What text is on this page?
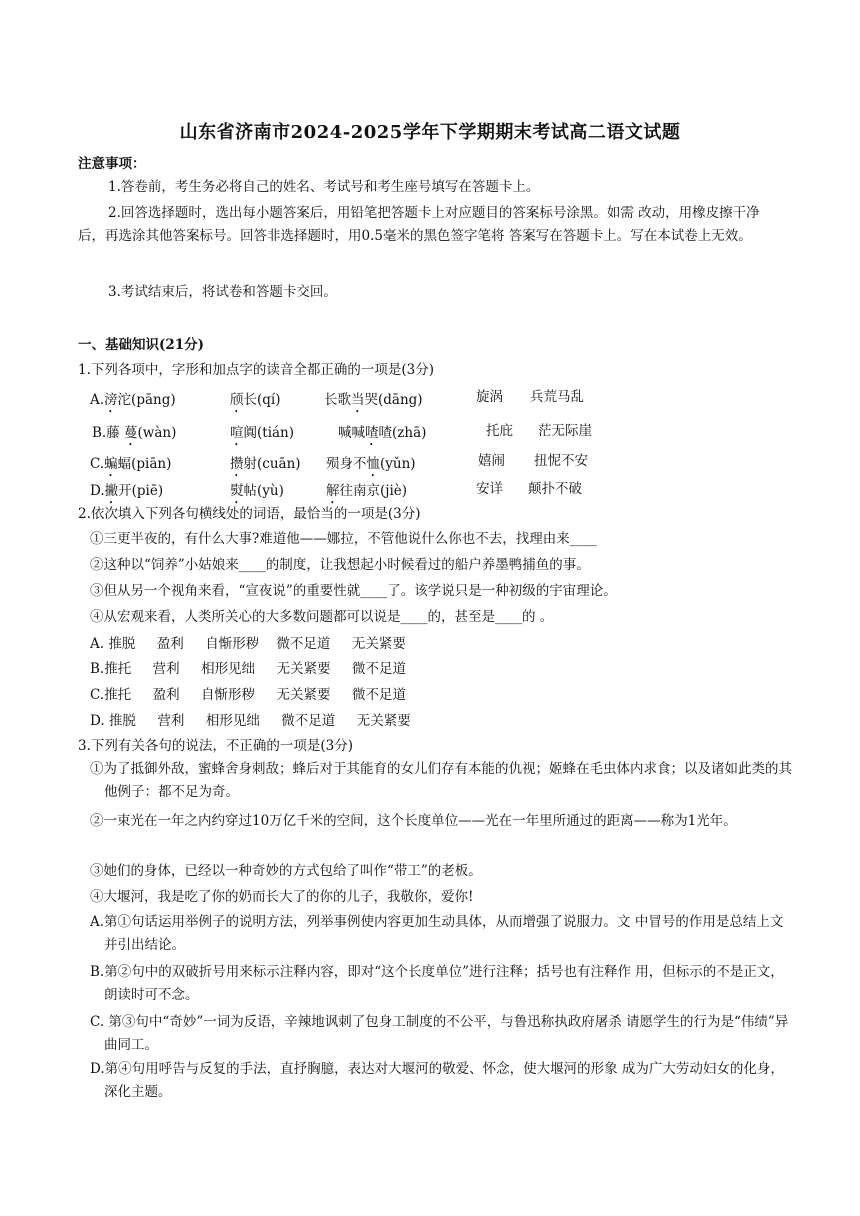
山东省济南市2024-2025学年下学期期末考试高二语文试题
注意事项：
1.答卷前，考生务必将自己的姓名、考试号和考生座号填写在答题卡上。
2.回答选择题时，选出每小题答案后，用铅笔把答题卡上对应题目的答案标号涂黑。如需 改动，用橡皮擦干净后，再选涂其他答案标号。回答非选择题时，用0.5毫米的黑色签字笔将 答案写在答题卡上。写在本试卷上无效。
3.考试结束后，将试卷和答题卡交回。
一、基础知识(21分)
1.下列各项中，字形和加点字的读音全都正确的一项是(3分)
A.滂沱(pāng)	颀长(qí)	长歌当哭(dāng)	旋涡 兵荒马乱
B.藤 蔓(wàn)	喧阗(tián)	喊喊喳喳(zhā)	托庇 茫无际崖
C.蝙蝠(piān)	攒射(cuān) 殒身不恤(yǔn)	嬉闹 扭怩不安
D.撇开(piē)	熨帖(yù)	解往南京(jiè)	安详 颠扑不破
2.依次填入下列各句横线处的词语，最恰当的一项是(3分)
①三更半夜的，有什么大事?难道他——娜拉，不管他说什么你也不去，找理由来____
②这种以“饲养”小姑娘来____的制度，让我想起小时候看过的船户养墨鸭捕鱼的事。
③但从另一个视角来看，“宣夜说”的重要性就____了。该学说只是一种初级的宇宙理论。
④从宏观来看，人类所关心的大多数问题都可以说是____的，甚至是____的 。
A. 推脱     盈利     自惭形秽    微不足道     无关紧要
B.推托     营利     相形见绌     无关紧要     微不足道
C.推托     盈利     自惭形秽     无关紧要     微不足道
D. 推脱     营利     相形见绌     微不足道     无关紧要
3.下列有关各句的说法，不正确的一项是(3分)
①为了抵御外敌，蜜蜂舍身刺敌；蜂后对于其能育的女儿们存有本能的仇视；姬蜂在毛虫体内求食；以及诸如此类的其他例子：都不足为奇。
②一束光在一年之内约穿过10万亿千米的空间，这个长度单位——光在一年里所通过的距离——称为1光年。
③她们的身体，已经以一种奇妙的方式包给了叫作“带工”的老板。
④大堰河，我是吃了你的奶而长大了的你的儿子，我敬你，爱你!
A.第①句话运用举例子的说明方法，列举事例使内容更加生动具体，从而增强了说服力。文 中冒号的作用是总结上文并引出结论。
B.第②句中的双破折号用来标示注释内容，即对“这个长度单位”进行注释；括号也有注释作 用，但标示的不是正文，朗读时可不念。
C. 第③句中“奇妙”一词为反语，辛辣地讽刺了包身工制度的不公平，与鲁迅称执政府屠杀 请愿学生的行为是“伟绩”异曲同工。
D.第④句用呼告与反复的手法，直抒胸臆，表达对大堰河的敬爱、怀念，使大堰河的形象 成为广大劳动妇女的化身，深化主题。
